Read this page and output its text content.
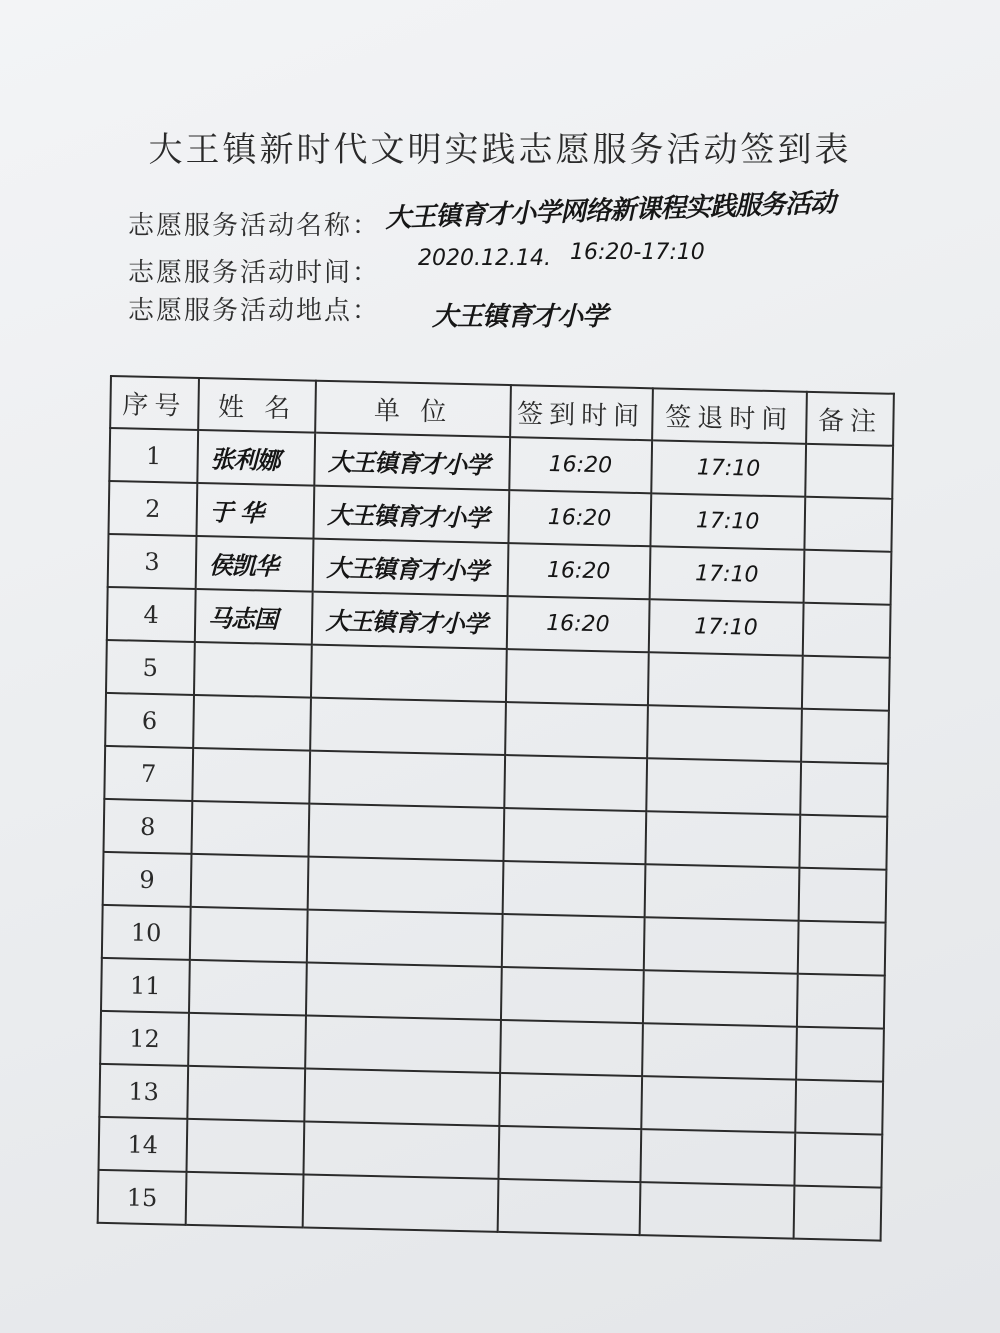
大王镇新时代文明实践志愿服务活动签到表
志愿服务活动名称： 大王镇育才小学网络新课程实践服务活动
志愿服务活动时间： 2020.12.14. 16:20-17:10
志愿服务活动地点： 大王镇育才小学
序号	姓 名	单 位	签到时间	签退时间	备注
1	张利娜	大王镇育才小学	16:20	17:10	
2	于 华	大王镇育才小学	16:20	17:10	
3	侯凯华	大王镇育才小学	16:20	17:10	
4	马志国	大王镇育才小学	16:20	17:10	
5					
6					
7					
8					
9					
10					
11					
12					
13					
14					
15					
